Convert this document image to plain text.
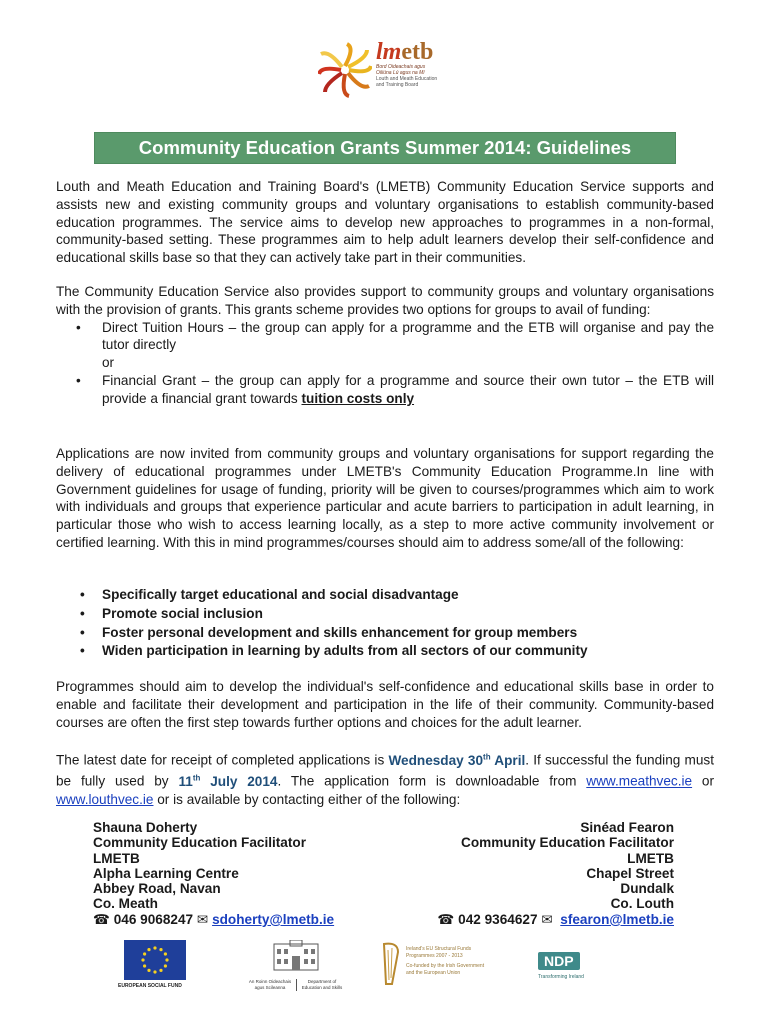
lmetb
Bord Oideachais agus
Oiliúna Lú agus na Mí
Louth and Meath Education
and Training Board
Community Education Grants Summer 2014: Guidelines
Louth and Meath Education and Training Board's (LMETB) Community Education Service supports and assists new and existing community groups and voluntary organisations to establish community-based education programmes. The service aims to develop new approaches to programmes in a non-formal, community-based setting. These programmes aim to help adult learners develop their self-confidence and educational skills base so that they can actively take part in their communities.
The Community Education Service also provides support to community groups and voluntary organisations with the provision of grants. This grants scheme provides two options for groups to avail of funding:
• Direct Tuition Hours – the group can apply for a programme and the ETB will organise and pay the tutor directly
or
• Financial Grant – the group can apply for a programme and source their own tutor – the ETB will provide a financial grant towards tuition costs only
Applications are now invited from community groups and voluntary organisations for support regarding the delivery of educational programmes under LMETB's Community Education Programme.In line with Government guidelines for usage of funding, priority will be given to courses/programmes which aim to work with individuals and groups that experience particular and acute barriers to participation in adult learning, in particular those who wish to access learning locally, as a step to more active community involvement or certified learning. With this in mind programmes/courses should aim to address some/all of the following:
• Specifically target educational and social disadvantage
• Promote social inclusion
• Foster personal development and skills enhancement for group members
• Widen participation in learning by adults from all sectors of our community
Programmes should aim to develop the individual's self-confidence and educational skills base in order to enable and facilitate their development and participation in the life of their community. Community-based courses are often the first step towards further options and choices for the adult learner.
The latest date for receipt of completed applications is Wednesday 30th April. If successful the funding must be fully used by 11th July 2014. The application form is downloadable from www.meathvec.ie or www.louthvec.ie or is available by contacting either of the following:
Shauna Doherty
Community Education Facilitator
LMETB
Alpha Learning Centre
Abbey Road, Navan
Co. Meath
☎ 046 9068247 ✉ sdoherty@lmetb.ie
Sinéad Fearon
Community Education Facilitator
LMETB
Chapel Street
Dundalk
Co. Louth
☎ 042 9364627 ✉ sfearon@lmetb.ie
EUROPEAN SOCIAL FUND
An Roinn Oideachais agus Scileanna
Department of Education and Skills
Ireland's EU Structural Funds
Programmes 2007 - 2013
Co-funded by the Irish Government
and the European Union
NDP
Transforming Ireland
